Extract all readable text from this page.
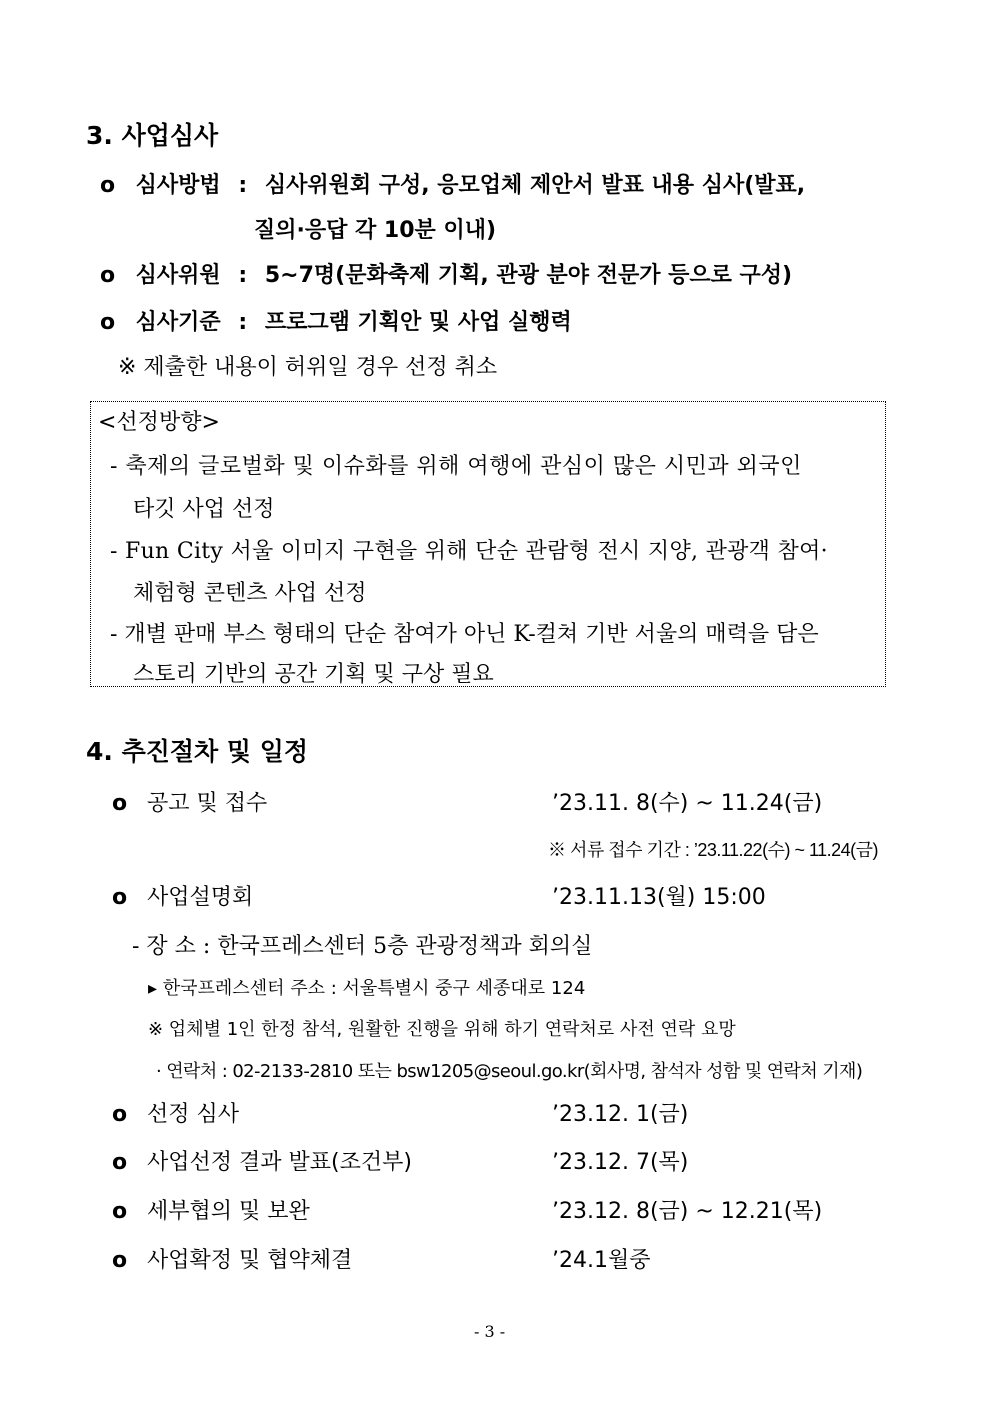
3. 사업심사
o 심사방법 : 심사위원회 구성, 응모업체 제안서 발표 내용 심사(발표,
질의·응답 각 10분 이내)
o 심사위원 : 5~7명(문화축제 기획, 관광 분야 전문가 등으로 구성)
o 심사기준 : 프로그램 기획안 및 사업 실행력
※ 제출한 내용이 허위일 경우 선정 취소
<선정방향>
- 축제의 글로벌화 및 이슈화를 위해 여행에 관심이 많은 시민과 외국인
타깃 사업 선정
- Fun City 서울 이미지 구현을 위해 단순 관람형 전시 지양, 관광객 참여·
체험형 콘텐츠 사업 선정
- 개별 판매 부스 형태의 단순 참여가 아닌 K-컬쳐 기반 서울의 매력을 담은
스토리 기반의 공간 기획 및 구상 필요
4. 추진절차 및 일정
o 공고 및 접수	’23.11. 8(수) ~ 11.24(금)
※ 서류 접수 기간 : ’23.11.22(수) ~ 11.24(금)
o 사업설명회	’23.11.13(월) 15:00
- 장 소 : 한국프레스센터 5층 관광정책과 회의실
▸ 한국프레스센터 주소 : 서울특별시 중구 세종대로 124
※ 업체별 1인 한정 참석, 원활한 진행을 위해 하기 연락처로 사전 연락 요망
· 연락처 : 02-2133-2810 또는 bsw1205@seoul.go.kr(회사명, 참석자 성함 및 연락처 기재)
o 선정 심사	’23.12. 1(금)
o 사업선정 결과 발표(조건부)	’23.12. 7(목)
o 세부협의 및 보완	’23.12. 8(금) ~ 12.21(목)
o 사업확정 및 협약체결	’24.1월중
- 3 -
